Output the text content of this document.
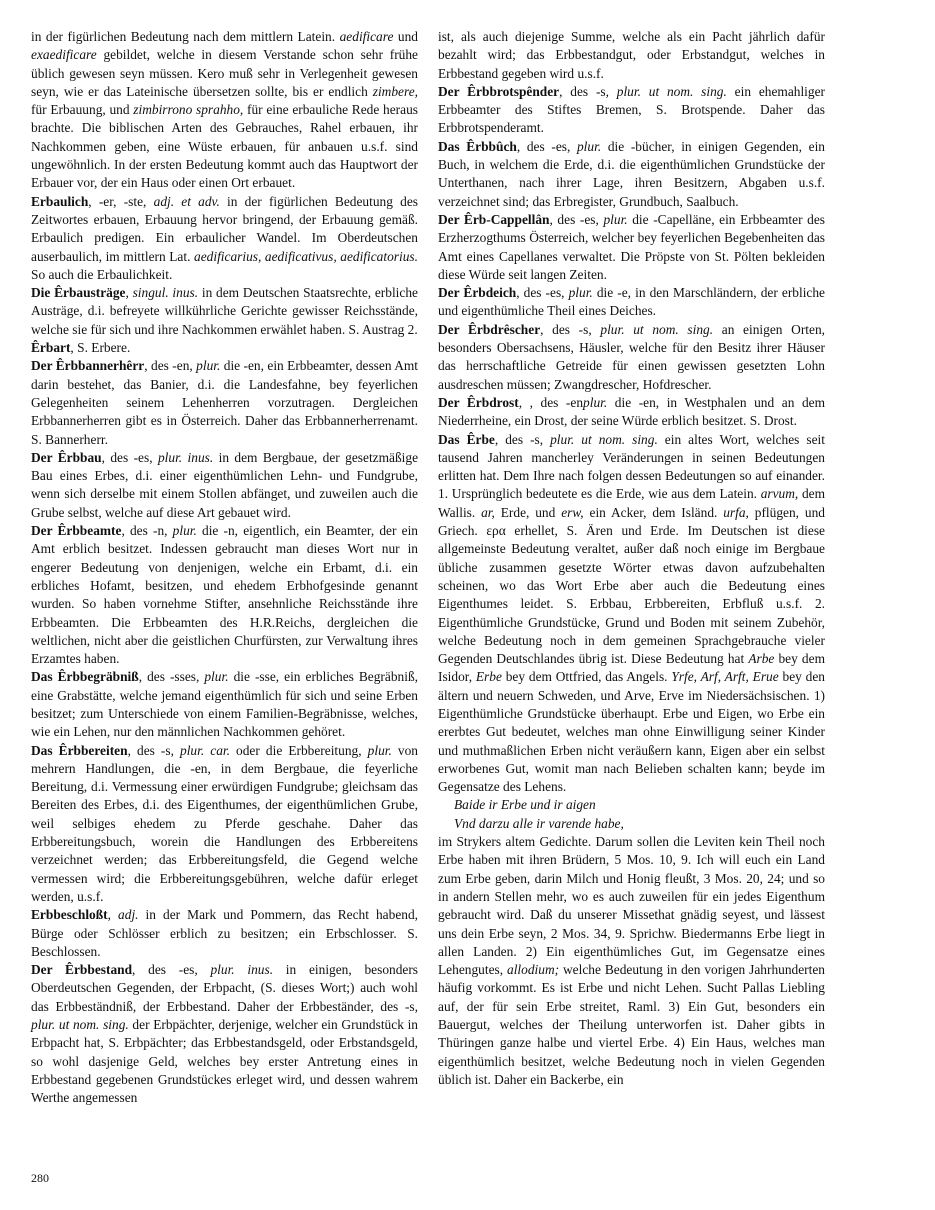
in der figürlichen Bedeutung nach dem mittlern Latein. aedificare und exaedificare gebildet, welche in diesem Verstande schon sehr frühe üblich gewesen seyn müssen. Kero muß sehr in Verlegenheit gewesen seyn, wie er das Lateinische übersetzen sollte, bis er endlich zimbere, für Erbauung, und zimbirrono sprahho, für eine erbauliche Rede heraus brachte. Die biblischen Arten des Gebrauches, Rahel erbauen, ihr Nachkommen geben, eine Wüste erbauen, für anbauen u.s.f. sind ungewöhnlich. In der ersten Bedeutung kommt auch das Hauptwort der Erbauer vor, der ein Haus oder einen Ort erbauet.

Erbaulich, -er, -ste, adj. et adv. in der figürlichen Bedeutung des Zeitwortes erbauen, Erbauung hervor bringend, der Erbauung gemäß. Erbaulich predigen. Ein erbaulicher Wandel. Im Oberdeutschen auserbaulich, im mittlern Lat. aedificarius, aedificativus, aedificatorius. So auch die Erbaulichkeit.

Die Êrbausträge, singul. inus. in dem Deutschen Staatsrechte, erbliche Austräge, d.i. befreyete willkührliche Gerichte gewisser Reichsstände, welche sie für sich und ihre Nachkommen erwählet haben. S. Austrag 2.

Êrbart, S. Erbere.

Der Êrbbannerhêrr, des -en, plur. die -en, ein Erbbeamter, dessen Amt darin bestehet, das Banier, d.i. die Landesfahne, bey feyerlichen Gelegenheiten seinem Lehenherren vorzutragen. Dergleichen Erbbannerherren gibt es in Österreich. Daher das Erbbannerherrenamt. S. Bannerherr.

Der Êrbbau, des -es, plur. inus. in dem Bergbaue, der gesetzmäßige Bau eines Erbes, d.i. einer eigenthümlichen Lehn- und Fundgrube, wenn sich derselbe mit einem Stollen abfänget, und zuweilen auch die Grube selbst, welche auf diese Art gebauet wird.

Der Êrbbeamte, des -n, plur. die -n, eigentlich, ein Beamter, der ein Amt erblich besitzet. Indessen gebraucht man dieses Wort nur in engerer Bedeutung von denjenigen, welche ein Erbamt, d.i. ein erbliches Hofamt, besitzen, und ehedem Erbhofgesinde genannt wurden. So haben vornehme Stifter, ansehnliche Reichsstände ihre Erbbeamten. Die Erbbeamten des H.R.Reichs, dergleichen die weltlichen, nicht aber die geistlichen Churfürsten, zur Verwaltung ihres Erzamtes haben.

Das Êrbbegräbniß, des -sses, plur. die -sse, ein erbliches Begräbniß, eine Grabstätte, welche jemand eigenthümlich für sich und seine Erben besitzet; zum Unterschiede von einem Familien-Begräbnisse, welches, wie ein Lehen, nur den männlichen Nachkommen gehöret.

Das Êrbbereiten, des -s, plur. car. oder die Erbbereitung, plur. von mehrern Handlungen, die -en, in dem Bergbaue, die feyerliche Bereitung, d.i. Vermessung einer erwürdigen Fundgrube; gleichsam das Bereiten des Erbes, d.i. des Eigenthumes, der eigenthümlichen Grube, weil selbiges ehedem zu Pferde geschahe. Daher das Erbbereitungsbuch, worein die Handlungen des Erbbereitens verzeichnet werden; das Erbbereitungsfeld, die Gegend welche vermessen wird; die Erbbereitungsgebühren, welche dafür erleget werden, u.s.f.

Erbbeschloßt, adj. in der Mark und Pommern, das Recht habend, Bürge oder Schlösser erblich zu besitzen; ein Erbschlosser. S. Beschlossen.

Der Êrbbestand, des -es, plur. inus. in einigen, besonders Oberdeutschen Gegenden, der Erbpacht, (S. dieses Wort;) auch wohl das Erbbeständniß, der Erbbestand. Daher der Erbbeständer, des -s, plur. ut nom. sing. der Erbpächter, derjenige, welcher ein Grundstück in Erbpacht hat, S. Erbpächter; das Erbbestandsgeld, oder Erbstandsgeld, so wohl dasjenige Geld, welches bey erster Antretung eines in Erbbestand gegebenen Grundstückes erleget wird, und dessen wahrem Werthe angemessen

ist, als auch diejenige Summe, welche als ein Pacht jährlich dafür bezahlt wird; das Erbbestandgut, oder Erbstandgut, welches in Erbbestand gegeben wird u.s.f.

Der Êrbbrotspênder, des -s, plur. ut nom. sing. ein ehemahliger Erbbeamter des Stiftes Bremen, S. Brotspende. Daher das Erbbrotspenderamt.

Das Êrbbûch, des -es, plur. die -bücher, in einigen Gegenden, ein Buch, in welchem die Erde, d.i. die eigenthümlichen Grundstücke der Unterthanen, nach ihrer Lage, ihren Besitzern, Abgaben u.s.f. verzeichnet sind; das Erbregister, Grundbuch, Saalbuch.

Der Êrb-Cappellân, des -es, plur. die -Capelläne, ein Erbbeamter des Erzherzogthums Österreich, welcher bey feyerlichen Begebenheiten das Amt eines Capellanes verwaltet. Die Pröpste von St. Pölten bekleiden diese Würde seit langen Zeiten.

Der Êrbdeich, des -es, plur. die -e, in den Marschländern, der erbliche und eigenthümliche Theil eines Deiches.

Der Êrbdrêscher, des -s, plur. ut nom. sing. an einigen Orten, besonders Obersachsens, Häusler, welche für den Besitz ihrer Häuser das herrschaftliche Getreide für einen gewissen gesetzten Lohn ausdreschen müssen; Zwangdrescher, Hofdrescher.

Der Êrbdrost, , des -enplur. die -en, in Westphalen und an dem Niederrheine, ein Drost, der seine Würde erblich besitzet. S. Drost.

Das Êrbe, des -s, plur. ut nom. sing. ein altes Wort, welches seit tausend Jahren mancherley Veränderungen in seinen Bedeutungen erlitten hat. Dem Ihre nach folgen dessen Bedeutungen so auf einander. 1. Ursprünglich bedeutete es die Erde, wie aus dem Latein. arvum, dem Wallis. ar, Erde, und erw, ein Acker, dem Isländ. urfa, pflügen, und Griech. ερα erhellet, S. Ären und Erde. Im Deutschen ist diese allgemeinste Bedeutung veraltet, außer daß noch einige im Bergbaue übliche zusammen gesetzte Wörter etwas davon aufzubehalten scheinen, wo das Wort Erbe aber auch die Bedeutung eines Eigenthumes leidet. S. Erbbau, Erbbereiten, Erbfluß u.s.f. 2. Eigenthümliche Grundstücke, Grund und Boden mit seinem Zubehör, welche Bedeutung noch in dem gemeinen Sprachgebrauche vieler Gegenden Deutschlandes übrig ist. Diese Bedeutung hat Arbe bey dem Isidor, Erbe bey dem Ottfried, das Angels. Yrfe, Arf, Arft, Erue bey den ältern und neuern Schweden, und Arve, Erve im Niedersächsischen. 1) Eigenthümliche Grundstücke überhaupt. Erbe und Eigen, wo Erbe ein ererbtes Gut bedeutet, welches man ohne Einwilligung seiner Kinder und muthmaßlichen Erben nicht veräußern kann, Eigen aber ein selbst erworbenes Gut, womit man nach Belieben schalten kann; beyde im Gegensatze des Lehens.

Baide ir Erbe und ir aigen

Vnd darzu alle ir varende habe,

im Strykers altem Gedichte. Darum sollen die Leviten kein Theil noch Erbe haben mit ihren Brüdern, 5 Mos. 10, 9. Ich will euch ein Land zum Erbe geben, darin Milch und Honig fleußt, 3 Mos. 20, 24; und so in andern Stellen mehr, wo es auch zuweilen für ein jedes Eigenthum gebraucht wird. Daß du unserer Missethat gnädig seyest, und lässest uns dein Erbe seyn, 2 Mos. 34, 9. Sprichw. Biedermanns Erbe liegt in allen Landen. 2) Ein eigenthümliches Gut, im Gegensatze eines Lehengutes, allodium; welche Bedeutung in den vorigen Jahrhunderten häufig vorkommt. Es ist Erbe und nicht Lehen. Sucht Pallas Liebling auf, der für sein Erbe streitet, Raml. 3) Ein Gut, besonders ein Bauergut, welches der Theilung unterworfen ist. Daher gibts in Thüringen ganze halbe und viertel Erbe. 4) Ein Haus, welches man eigenthümlich besitzet, welche Bedeutung noch in vielen Gegenden üblich ist. Daher ein Backerbe, ein

280
